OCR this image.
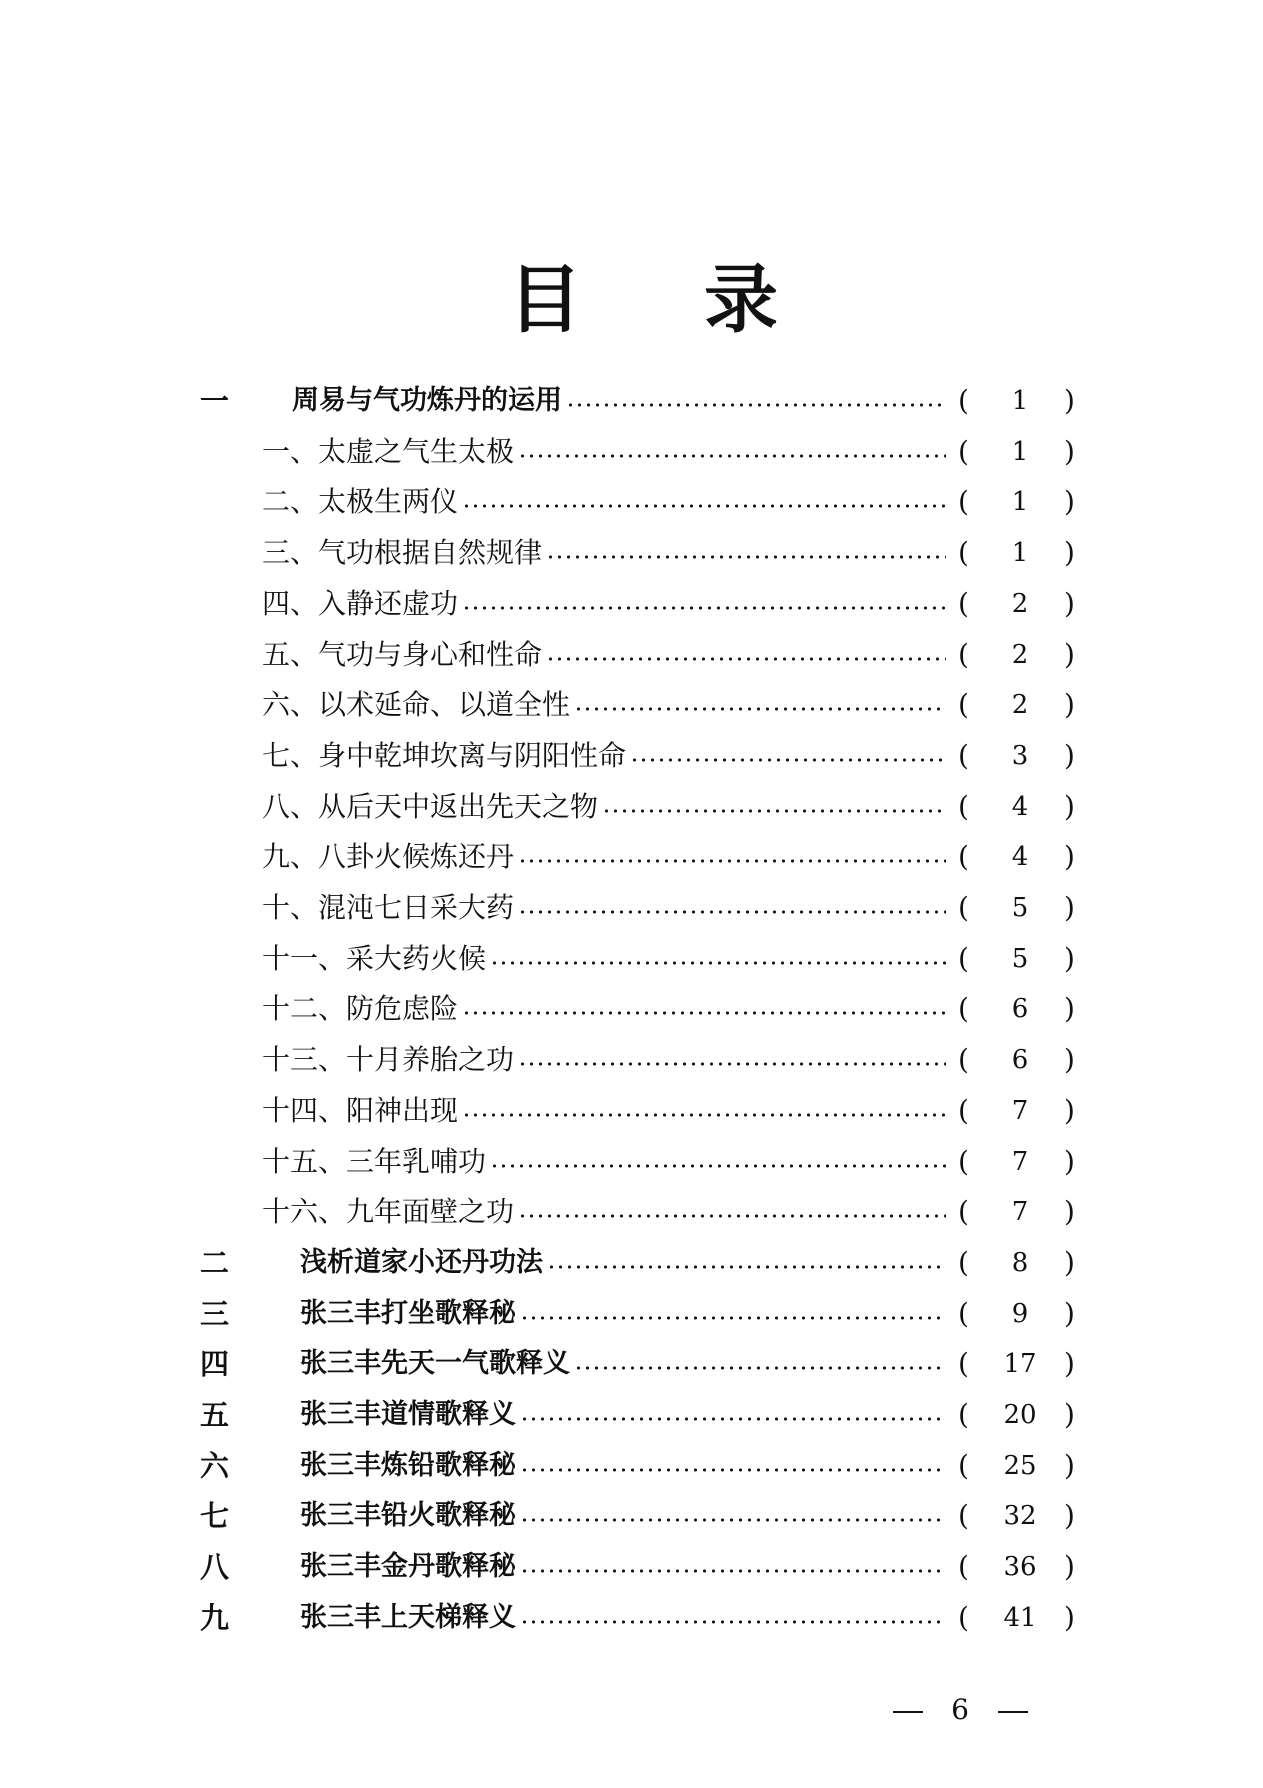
目 录
一 周易与气功炼丹的运用	(	1	)
一、太虚之气生太极	(	1	)
二、太极生两仪	(	1	)
三、气功根据自然规律	(	1	)
四、入静还虚功	(	2	)
五、气功与身心和性命	(	2	)
六、以术延命、以道全性	(	2	)
七、身中乾坤坎离与阴阳性命	(	3	)
八、从后天中返出先天之物	(	4	)
九、八卦火候炼还丹	(	4	)
十、混沌七日采大药	(	5	)
十一、采大药火候	(	5	)
十二、防危虑险	(	6	)
十三、十月养胎之功	(	6	)
十四、阳神出现	(	7	)
十五、三年乳哺功	(	7	)
十六、九年面壁之功	(	7	)
二	浅析道家小还丹功法	(	8	)
三	张三丰打坐歌释秘	(	9	)
四	张三丰先天一气歌释义	(	17 )
五	张三丰道情歌释义	(	20 )
六	张三丰炼铅歌释秘	(	25 )
七	张三丰铅火歌释秘	(	32 )
八	张三丰金丹歌释秘	(	36 )
九	张三丰上天梯释义	(	41 )
6
